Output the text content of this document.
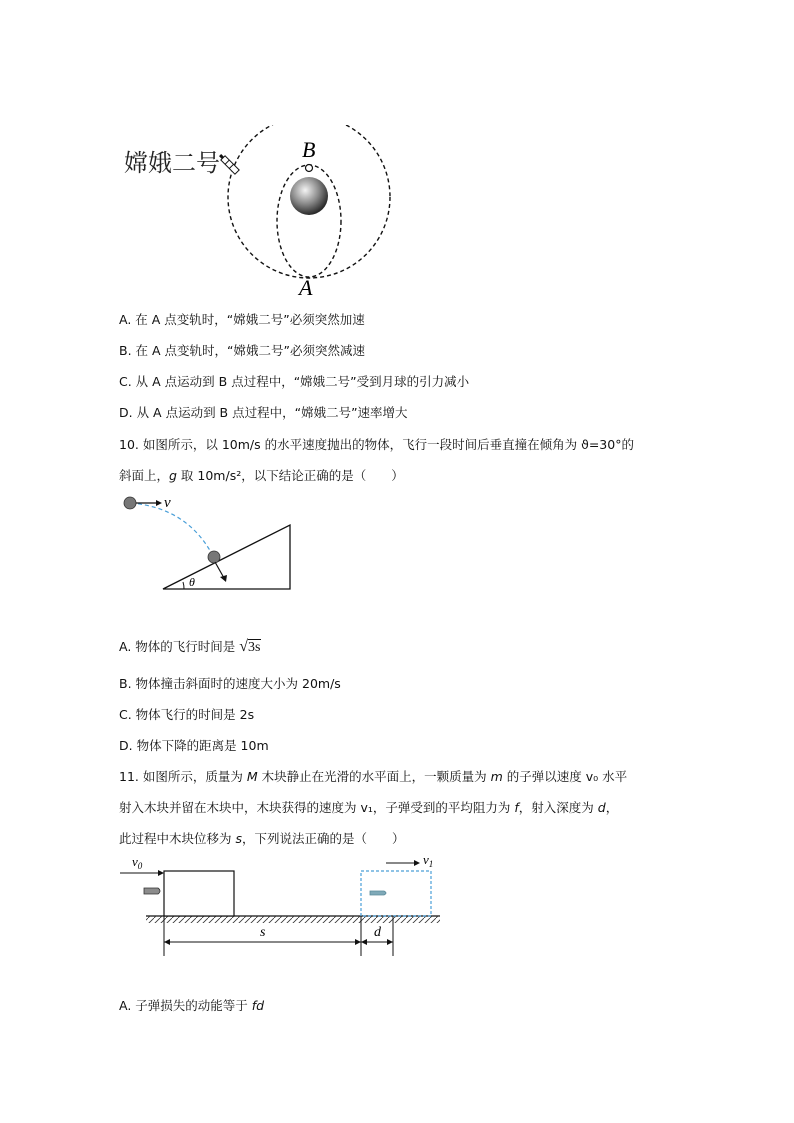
嫦娥二号
B
A
A. 在 A 点变轨时，“嫦娥二号”必须突然加速
B. 在 A 点变轨时，“嫦娥二号”必须突然减速
C. 从 A 点运动到 B 点过程中，“嫦娥二号”受到月球的引力减小
D. 从 A 点运动到 B 点过程中，“嫦娥二号”速率增大
10. 如图所示，以 10m/s 的水平速度抛出的物体，飞行一段时间后垂直撞在倾角为 ϑ=30°的
斜面上，g 取 10m/s²，以下结论正确的是（　　）
v
θ
A. 物体的飞行时间是 √3s
B. 物体撞击斜面时的速度大小为 20m/s
C. 物体飞行的时间是 2s
D. 物体下降的距离是 10m
11. 如图所示，质量为 M 木块静止在光滑的水平面上，一颗质量为 m 的子弹以速度 v₀ 水平
射入木块并留在木块中，木块获得的速度为 v₁，子弹受到的平均阻力为 f，射入深度为 d，
此过程中木块位移为 s，下列说法正确的是（　　）
$v_0$	$v_1$
s	d
A. 子弹损失的动能等于 fd
